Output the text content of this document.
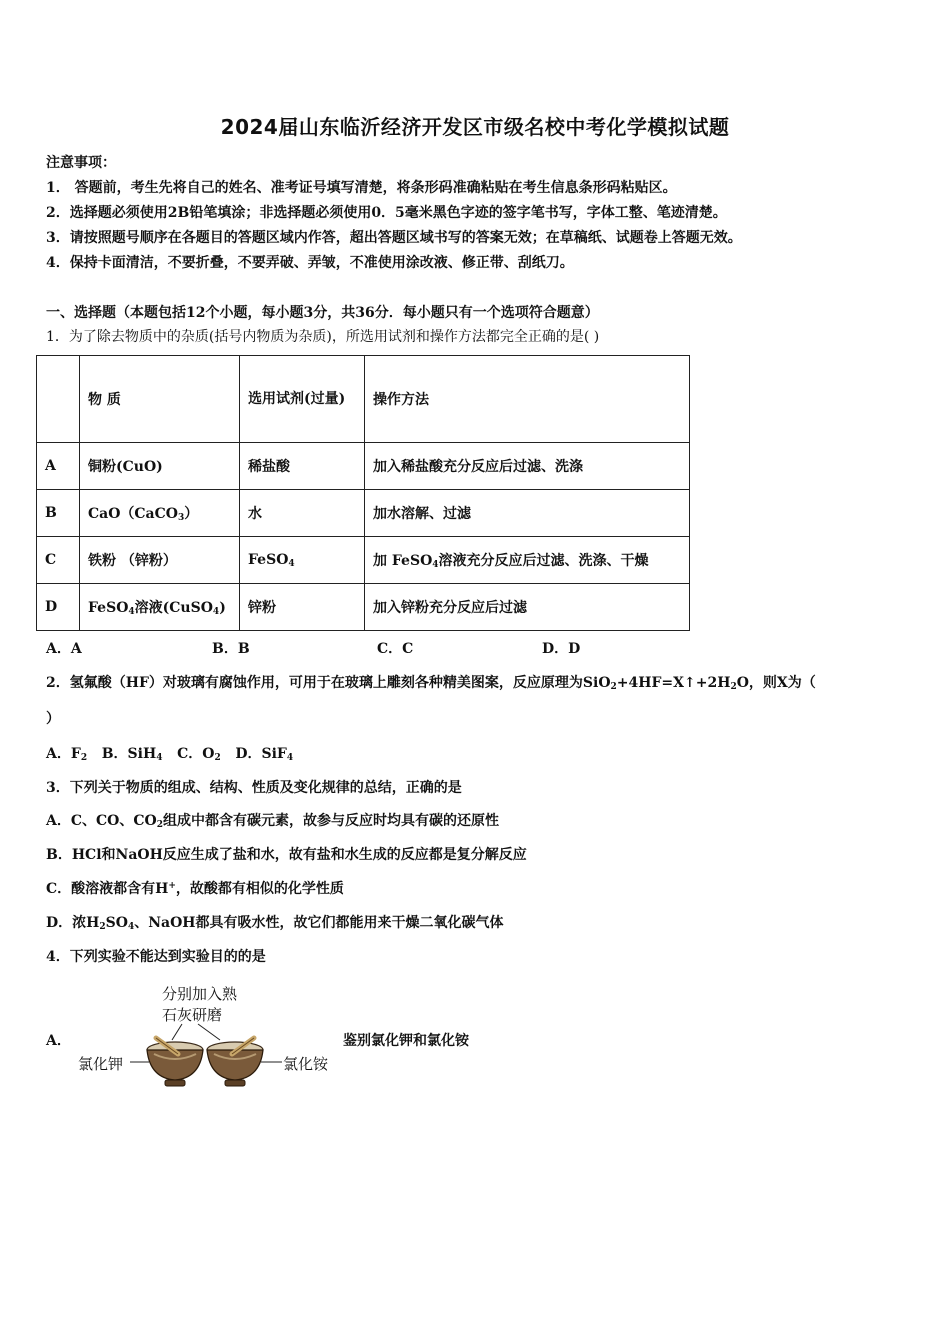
2024届山东临沂经济开发区市级名校中考化学模拟试题
注意事项：
1． 答题前，考生先将自己的姓名、准考证号填写清楚，将条形码准确粘贴在考生信息条形码粘贴区。
2．选择题必须使用2B铅笔填涂；非选择题必须使用0．5毫米黑色字迹的签字笔书写，字体工整、笔迹清楚。
3．请按照题号顺序在各题目的答题区域内作答，超出答题区域书写的答案无效；在草稿纸、试题卷上答题无效。
4．保持卡面清洁，不要折叠，不要弄破、弄皱，不准使用涂改液、修正带、刮纸刀。
一、选择题（本题包括12个小题，每小题3分，共36分．每小题只有一个选项符合题意）
1．为了除去物质中的杂质(括号内物质为杂质)，所选用试剂和操作方法都完全正确的是( )
	物 质	选用试剂(过量)	操作方法
A	铜粉(CuO)	稀盐酸	加入稀盐酸充分反应后过滤、洗涤
B	CaO（CaCO$_3$）	水	加水溶解、过滤
C	铁粉 （锌粉）	FeSO$_4$	加 FeSO$_4$溶液充分反应后过滤、洗涤、干燥
D	FeSO$_4$溶液(CuSO$_4$)	锌粉	加入锌粉充分反应后过滤
A．A	B．B	C．C	D．D
2．氢氟酸（HF）对玻璃有腐蚀作用，可用于在玻璃上雕刻各种精美图案，反应原理为$SiO_2+4HF=X↑+2H_2O$，则X为（
）
A．$F_2$ B．SiH$_4$ C．$O_2$ D．SiF$_4$
3．下列关于物质的组成、结构、性质及变化规律的总结，正确的是
A．C、CO、$CO_2$组成中都含有碳元素，故参与反应时均具有碳的还原性
B．HCl和NaOH反应生成了盐和水，故有盐和水生成的反应都是复分解反应
C．酸溶液都含有H+，故酸都有相似的化学性质
D．浓$H_2SO_4$、NaOH都具有吸水性，故它们都能用来干燥二氧化碳气体
4．下列实验不能达到实验目的的是
A．
分别加入熟
石灰研磨
氯化钾	氯化铵
鉴别氯化钾和氯化铵
